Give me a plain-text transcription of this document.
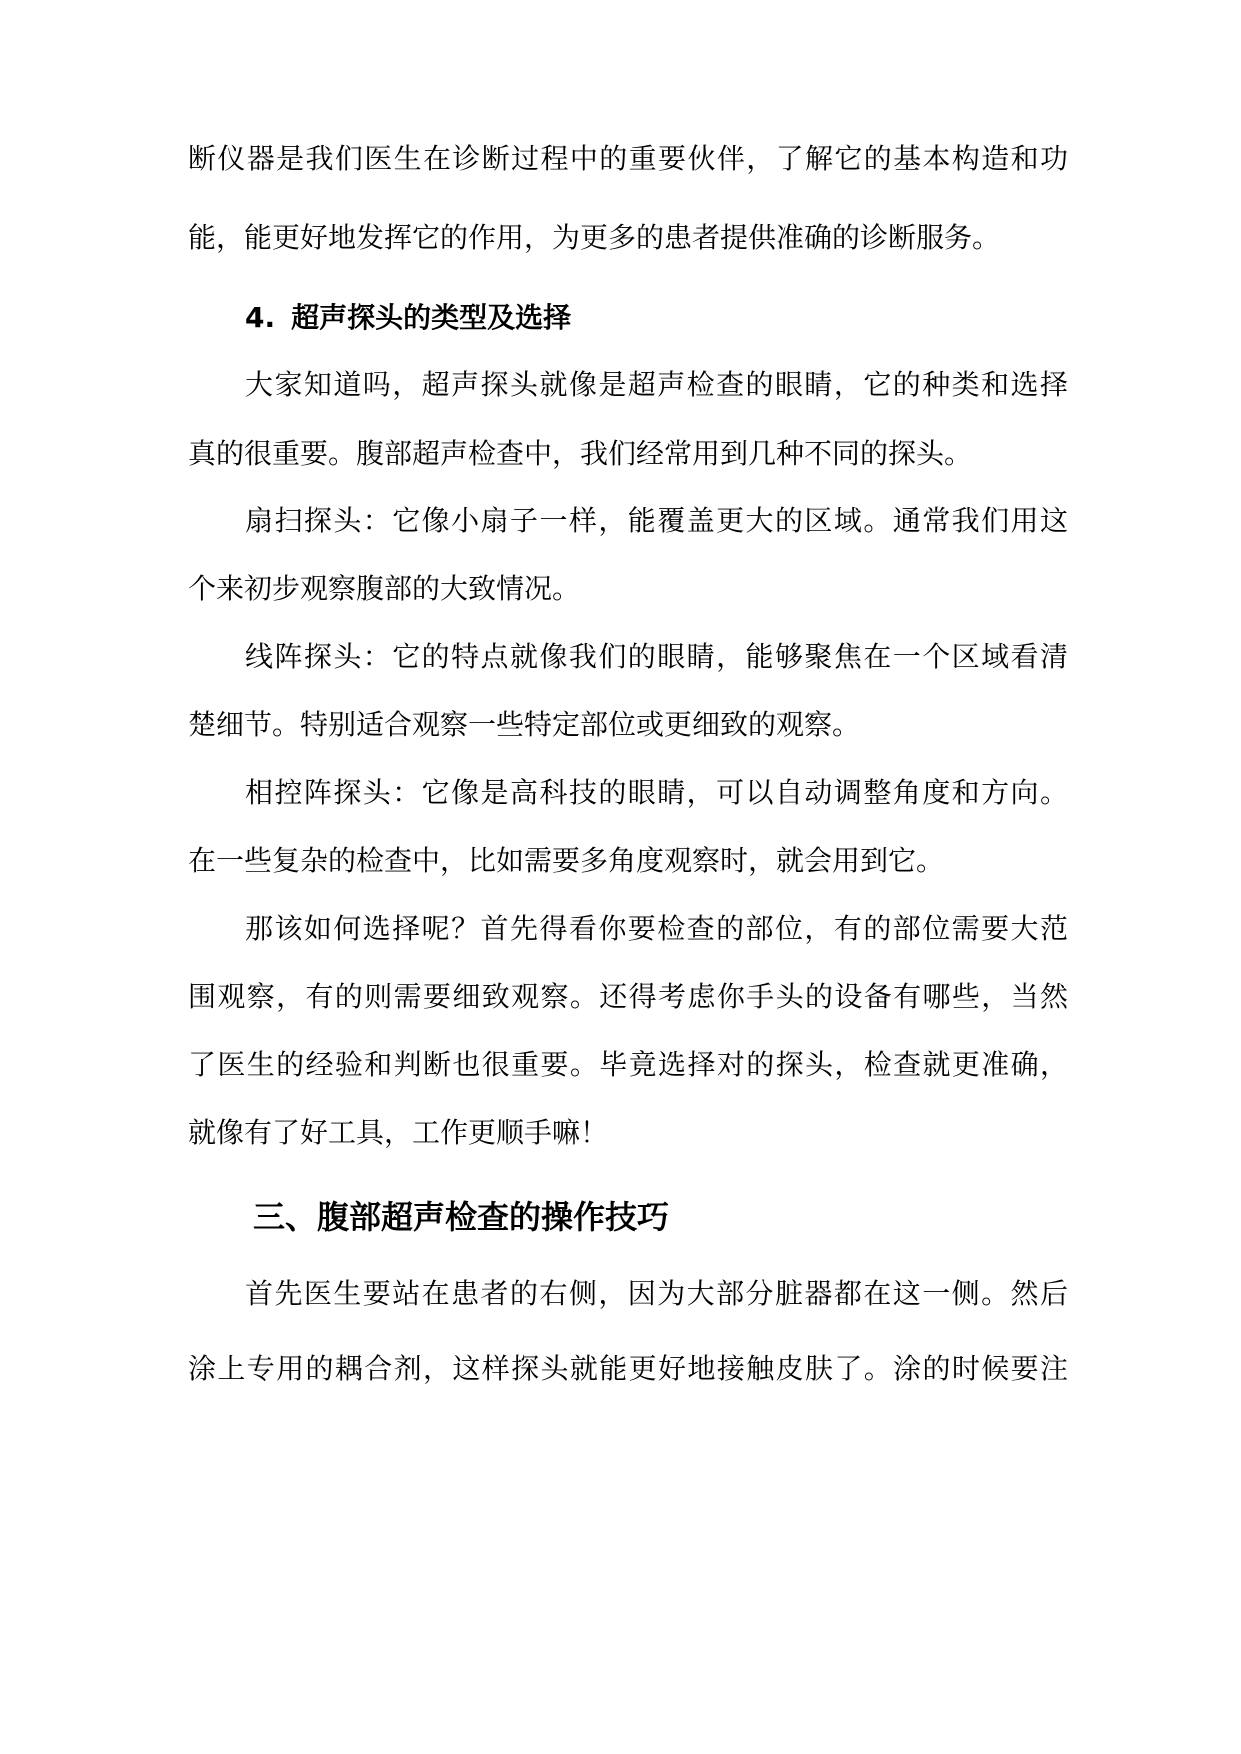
断仪器是我们医生在诊断过程中的重要伙伴，了解它的基本构造和功
能，能更好地发挥它的作用，为更多的患者提供准确的诊断服务。
4. 超声探头的类型及选择
大家知道吗，超声探头就像是超声检查的眼睛，它的种类和选择
真的很重要。腹部超声检查中，我们经常用到几种不同的探头。
扇扫探头：它像小扇子一样，能覆盖更大的区域。通常我们用这
个来初步观察腹部的大致情况。
线阵探头：它的特点就像我们的眼睛，能够聚焦在一个区域看清
楚细节。特别适合观察一些特定部位或更细致的观察。
相控阵探头：它像是高科技的眼睛，可以自动调整角度和方向。
在一些复杂的检查中，比如需要多角度观察时，就会用到它。
那该如何选择呢？首先得看你要检查的部位，有的部位需要大范
围观察，有的则需要细致观察。还得考虑你手头的设备有哪些，当然
了医生的经验和判断也很重要。毕竟选择对的探头，检查就更准确，
就像有了好工具，工作更顺手嘛！
三、腹部超声检查的操作技巧
首先医生要站在患者的右侧，因为大部分脏器都在这一侧。然后
涂上专用的耦合剂，这样探头就能更好地接触皮肤了。涂的时候要注
